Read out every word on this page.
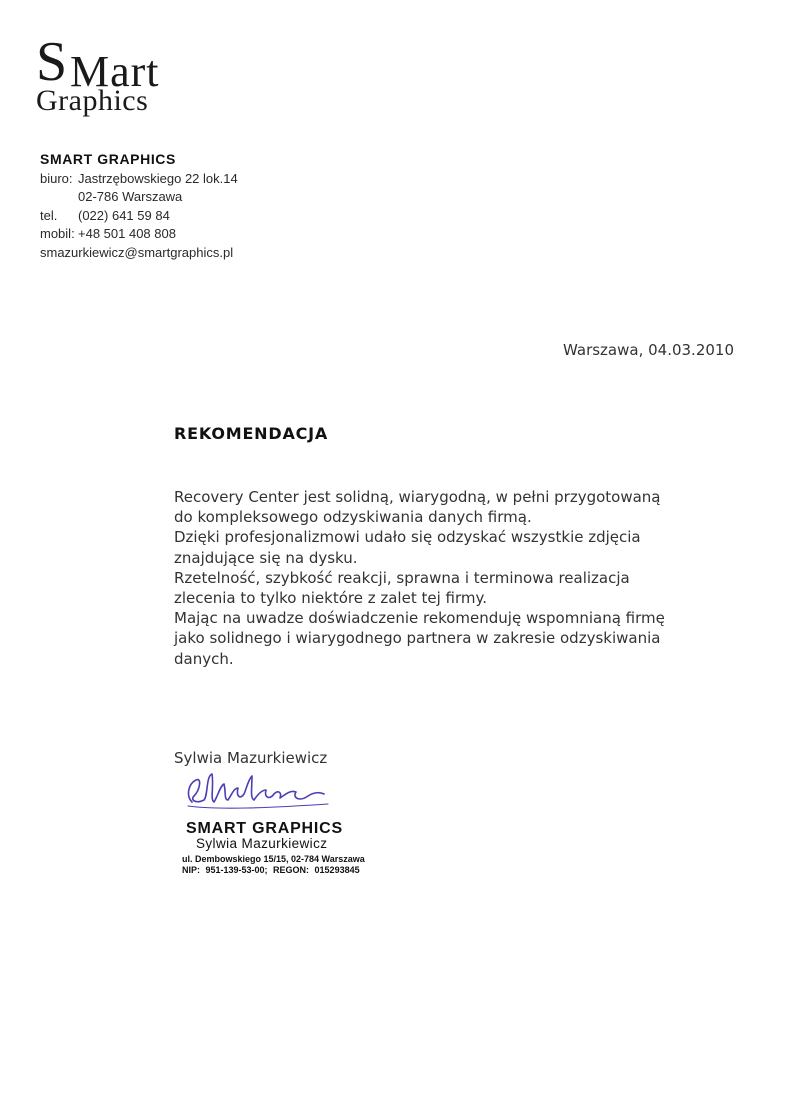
S Mart
Graphics
SMART GRAPHICS
biuro: Jastrzębowskiego 22 lok.14
02-786 Warszawa
tel. (022) 641 59 84
mobil: +48 501 408 808
smazurkiewicz@smartgraphics.pl
Warszawa, 04.03.2010
REKOMENDACJA

Recovery Center jest solidną, wiarygodną, w pełni przygotowaną

do kompleksowego odzyskiwania danych firmą.

Dzięki profesjonalizmowi udało się odzyskać wszystkie zdjęcia

znajdujące się na dysku.

Rzetelność, szybkość reakcji, sprawna i terminowa realizacja

zlecenia to tylko niektóre z zalet tej firmy.

Mając na uwadze doświadczenie rekomenduję wspomnianą firmę

jako solidnego i wiarygodnego partnera w zakresie odzyskiwania

danych.

Sylwia Mazurkiewicz
SMART GRAPHICS
Sylwia Mazurkiewicz
ul. Dembowskiego 15/15, 02-784 Warszawa
NIP: 951-139-53-00; REGON: 015293845
